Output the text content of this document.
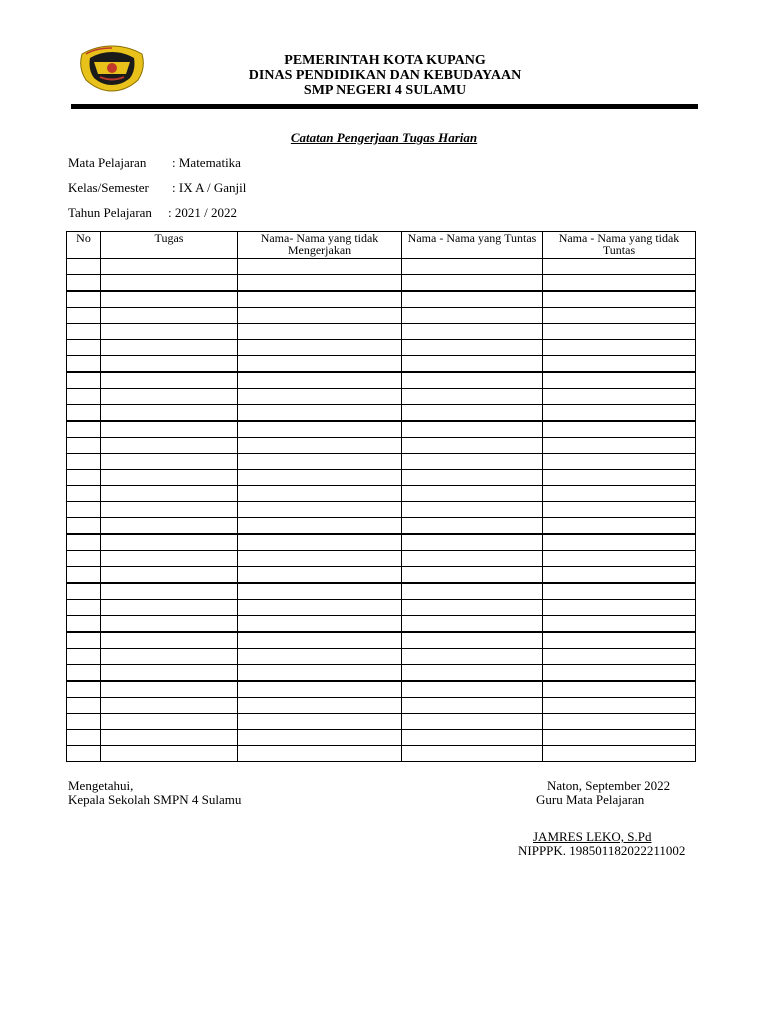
PEMERINTAH KOTA KUPANG
DINAS PENDIDIKAN DAN KEBUDAYAAN
SMP NEGERI 4 SULAMU
Catatan Pengerjaan Tugas Harian
Mata Pelajaran : Matematika
Kelas/Semester : IX A / Ganjil
Tahun Pelajaran : 2021 / 2022
No	Tugas	Nama- Nama yang tidak Mengerjakan	Nama - Nama yang Tuntas	Nama - Nama yang tidak Tuntas

Mengetahui,
Kepala Sekolah SMPN 4 Sulamu
Naton, September 2022
Guru Mata Pelajaran
JAMRES LEKO, S.Pd
NIPPPK. 198501182022211002
